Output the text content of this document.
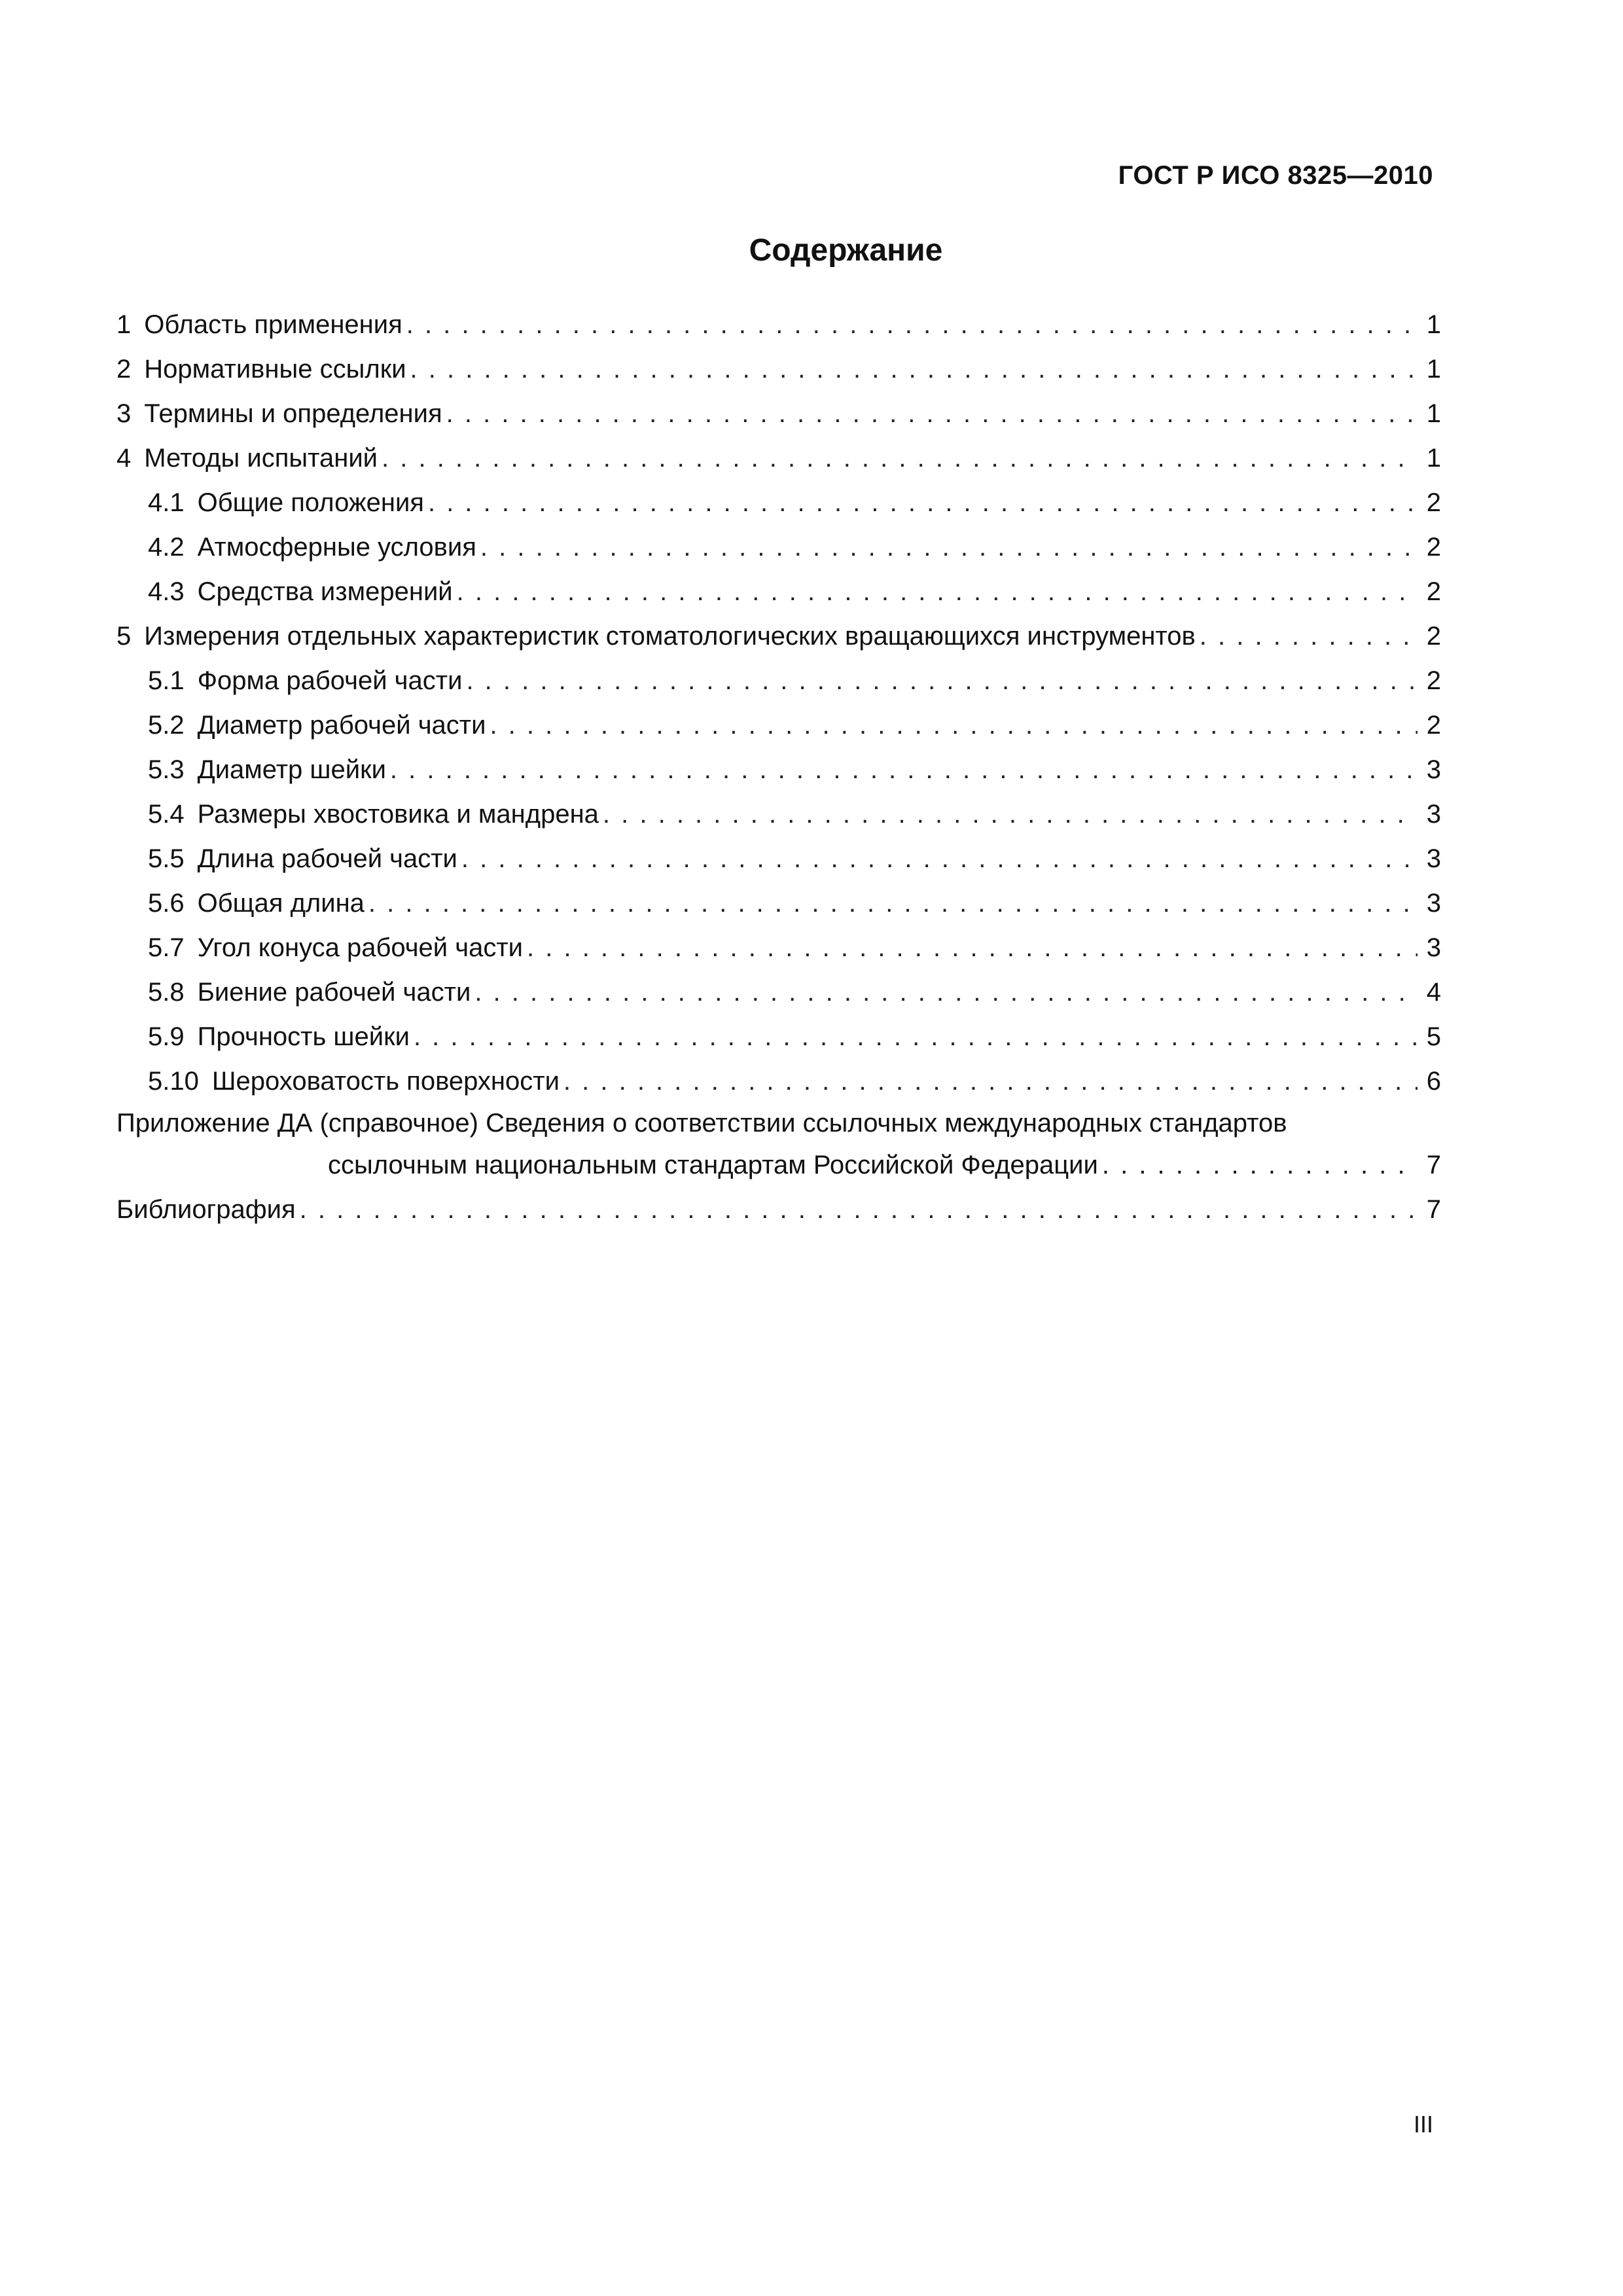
ГОСТ Р ИСО 8325—2010
Содержание
1 Область применения . . .	1
2 Нормативные ссылки . . .	1
3 Термины и определения . . .	1
4 Методы испытаний . . .	1
4.1 Общие положения . . .	2
4.2 Атмосферные условия . . .	2
4.3 Средства измерений . . .	2
5 Измерения отдельных характеристик стоматологических вращающихся инструментов . . .	2
5.1 Форма рабочей части . . .	2
5.2 Диаметр рабочей части . . .	2
5.3 Диаметр шейки . . .	3
5.4 Размеры хвостовика и мандрена . . .	3
5.5 Длина рабочей части . . .	3
5.6 Общая длина . . .	3
5.7 Угол конуса рабочей части . . .	3
5.8 Биение рабочей части . . .	4
5.9 Прочность шейки . . .	5
5.10 Шероховатость поверхности . . .	6
Приложение ДА (справочное) Сведения о соответствии ссылочных международных стандартов
ссылочным национальным стандартам Российской Федерации . . .	7
Библиография . . .	7
III
